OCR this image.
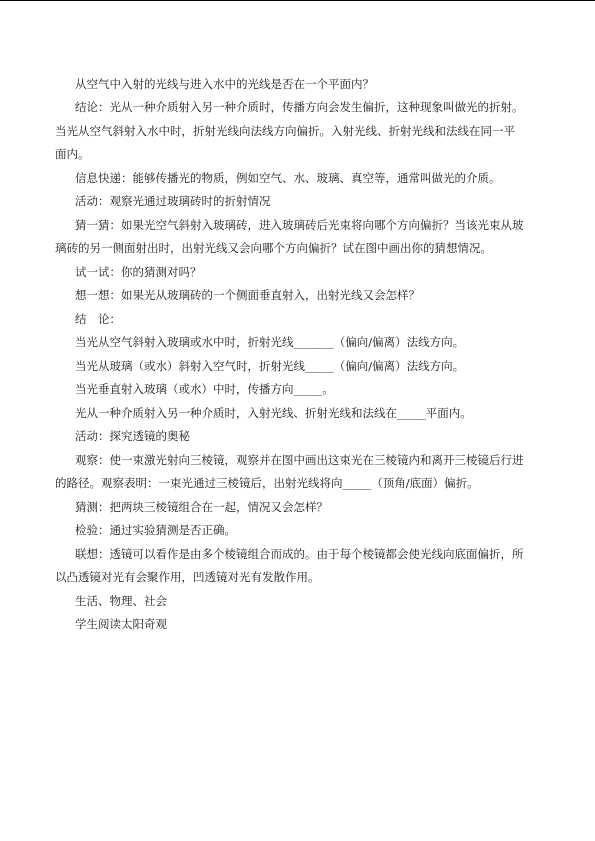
从空气中入射的光线与进入水中的光线是否在一个平面内？
结论：光从一种介质射入另一种介质时，传播方向会发生偏折，这种现象叫做光的折射。
当光从空气斜射入水中时，折射光线向法线方向偏折。入射光线、折射光线和法线在同一平
面内。
信息快递：能够传播光的物质，例如空气、水、玻璃、真空等，通常叫做光的介质。
活动：观察光通过玻璃砖时的折射情况
猜一猜：如果光空气斜射入玻璃砖，进入玻璃砖后光束将向哪个方向偏折？当该光束从玻
璃砖的另一侧面射出时，出射光线又会向哪个方向偏折？试在图中画出你的猜想情况。
试一试：你的猜测对吗？
想一想：如果光从玻璃砖的一个侧面垂直射入，出射光线又会怎样？
结　论：
当光从空气斜射入玻璃或水中时，折射光线_______（偏向/偏离）法线方向。
当光从玻璃（或水）斜射入空气时，折射光线_____（偏向/偏离）法线方向。
当光垂直射入玻璃（或水）中时，传播方向_____。
光从一种介质射入另一种介质时，入射光线、折射光线和法线在_____平面内。
活动：探究透镜的奥秘
观察：使一束激光射向三棱镜，观察并在图中画出这束光在三棱镜内和离开三棱镜后行进
的路径。观察表明：一束光通过三棱镜后，出射光线将向_____（顶角/底面）偏折。
猜测：把两块三棱镜组合在一起，情况又会怎样？
检验：通过实验猜测是否正确。
联想：透镜可以看作是由多个棱镜组合而成的。由于每个棱镜都会使光线向底面偏折，所
以凸透镜对光有会聚作用，凹透镜对光有发散作用。
生活、物理、社会
学生阅读太阳奇观
